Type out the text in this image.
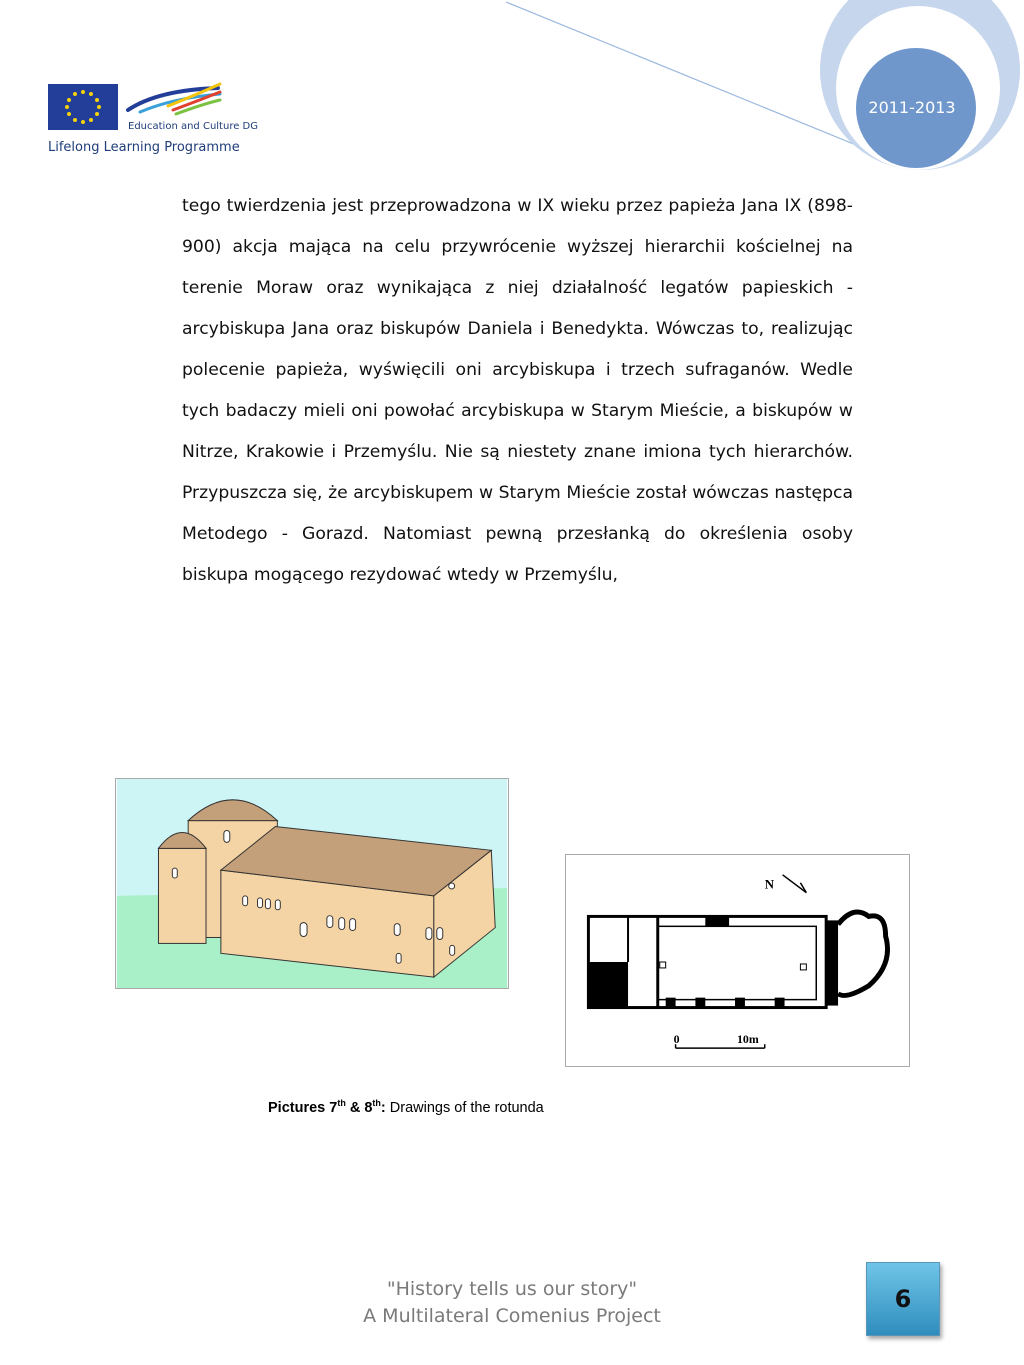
2011-2013
Education and Culture DG
Lifelong Learning Programme

tego twierdzenia jest przeprowadzona w IX wieku przez papieża Jana IX (898-900) akcja mająca na celu przywrócenie wyższej hierarchii kościelnej na terenie Moraw oraz wynikająca z niej działalność legatów papieskich - arcybiskupa Jana oraz biskupów Daniela i Benedykta. Wówczas to, realizując polecenie papieża, wyświęcili oni arcybiskupa i trzech sufraganów. Wedle tych badaczy mieli oni powołać arcybiskupa w Starym Mieście, a biskupów w Nitrze, Krakowie i Przemyślu. Nie są niestety znane imiona tych hierarchów. Przypuszcza się, że arcybiskupem w Starym Mieście został wówczas następca Metodego - Gorazd. Natomiast pewną przesłanką do określenia osoby biskupa mogącego rezydować wtedy w Przemyślu,

N
0	10m
Pictures 7th & 8th: Drawings of the rotunda
"History tells us our story"
A Multilateral Comenius Project
6
